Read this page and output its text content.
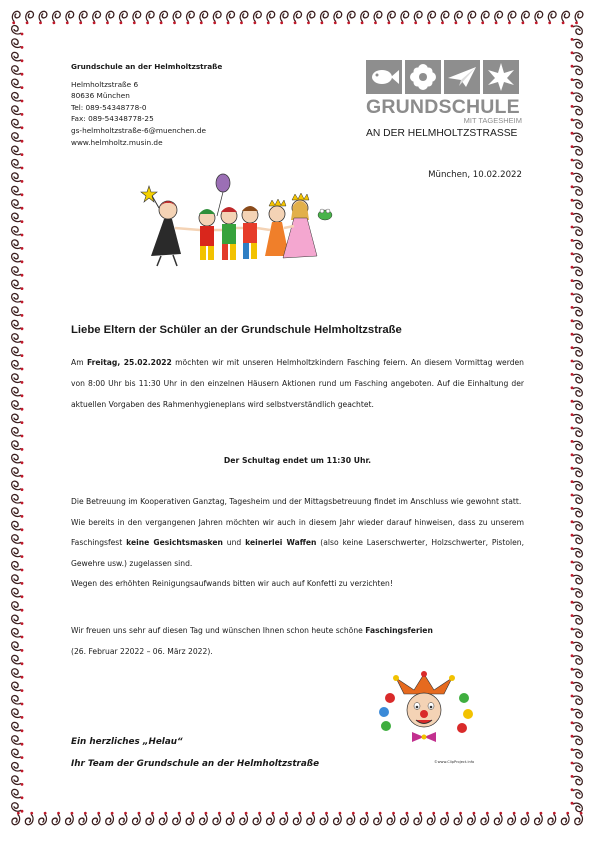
Grundschule an der Helmholtzstraße
Helmholtzstraße 6
80636 München
Tel: 089-54348778-0
Fax: 089-54348778-25
gs-helmholtzstraße-6@muenchen.de
www.helmholtz.musin.de
GRUNDSCHULE
MIT TAGESHEIM
AN DER HELMHOLTZSTRASSE
München, 10.02.2022
Liebe Eltern der Schüler an der Grundschule Helmholtzstraße
Am Freitag, 25.02.2022 möchten wir mit unseren Helmholtzkindern Fasching feiern. An diesem Vormittag werden von 8:00 Uhr bis 11:30 Uhr in den einzelnen Häusern Aktionen rund um Fasching angeboten. Auf die Einhaltung der aktuellen Vorgaben des Rahmenhygieneplans wird selbstverständlich geachtet.
Der Schultag endet um 11:30 Uhr.
Die Betreuung im Kooperativen Ganztag, Tagesheim und der Mittagsbetreuung findet im Anschluss wie gewohnt statt.
Wie bereits in den vergangenen Jahren möchten wir auch in diesem Jahr wieder darauf hinweisen, dass zu unserem Faschingsfest keine Gesichtsmasken und keinerlei Waffen (also keine Laserschwerter, Holzschwerter, Pistolen, Gewehre usw.) zugelassen sind.
Wegen des erhöhten Reinigungsaufwands bitten wir auch auf Konfetti zu verzichten!
Wir freuen uns sehr auf diesen Tag und wünschen Ihnen schon heute schöne Faschingsferien
(26. Februar 22022 – 06. März 2022).
Ein herzliches „Helau“
Ihr Team der Grundschule an der Helmholtzstraße	©www.ClipProject.info
